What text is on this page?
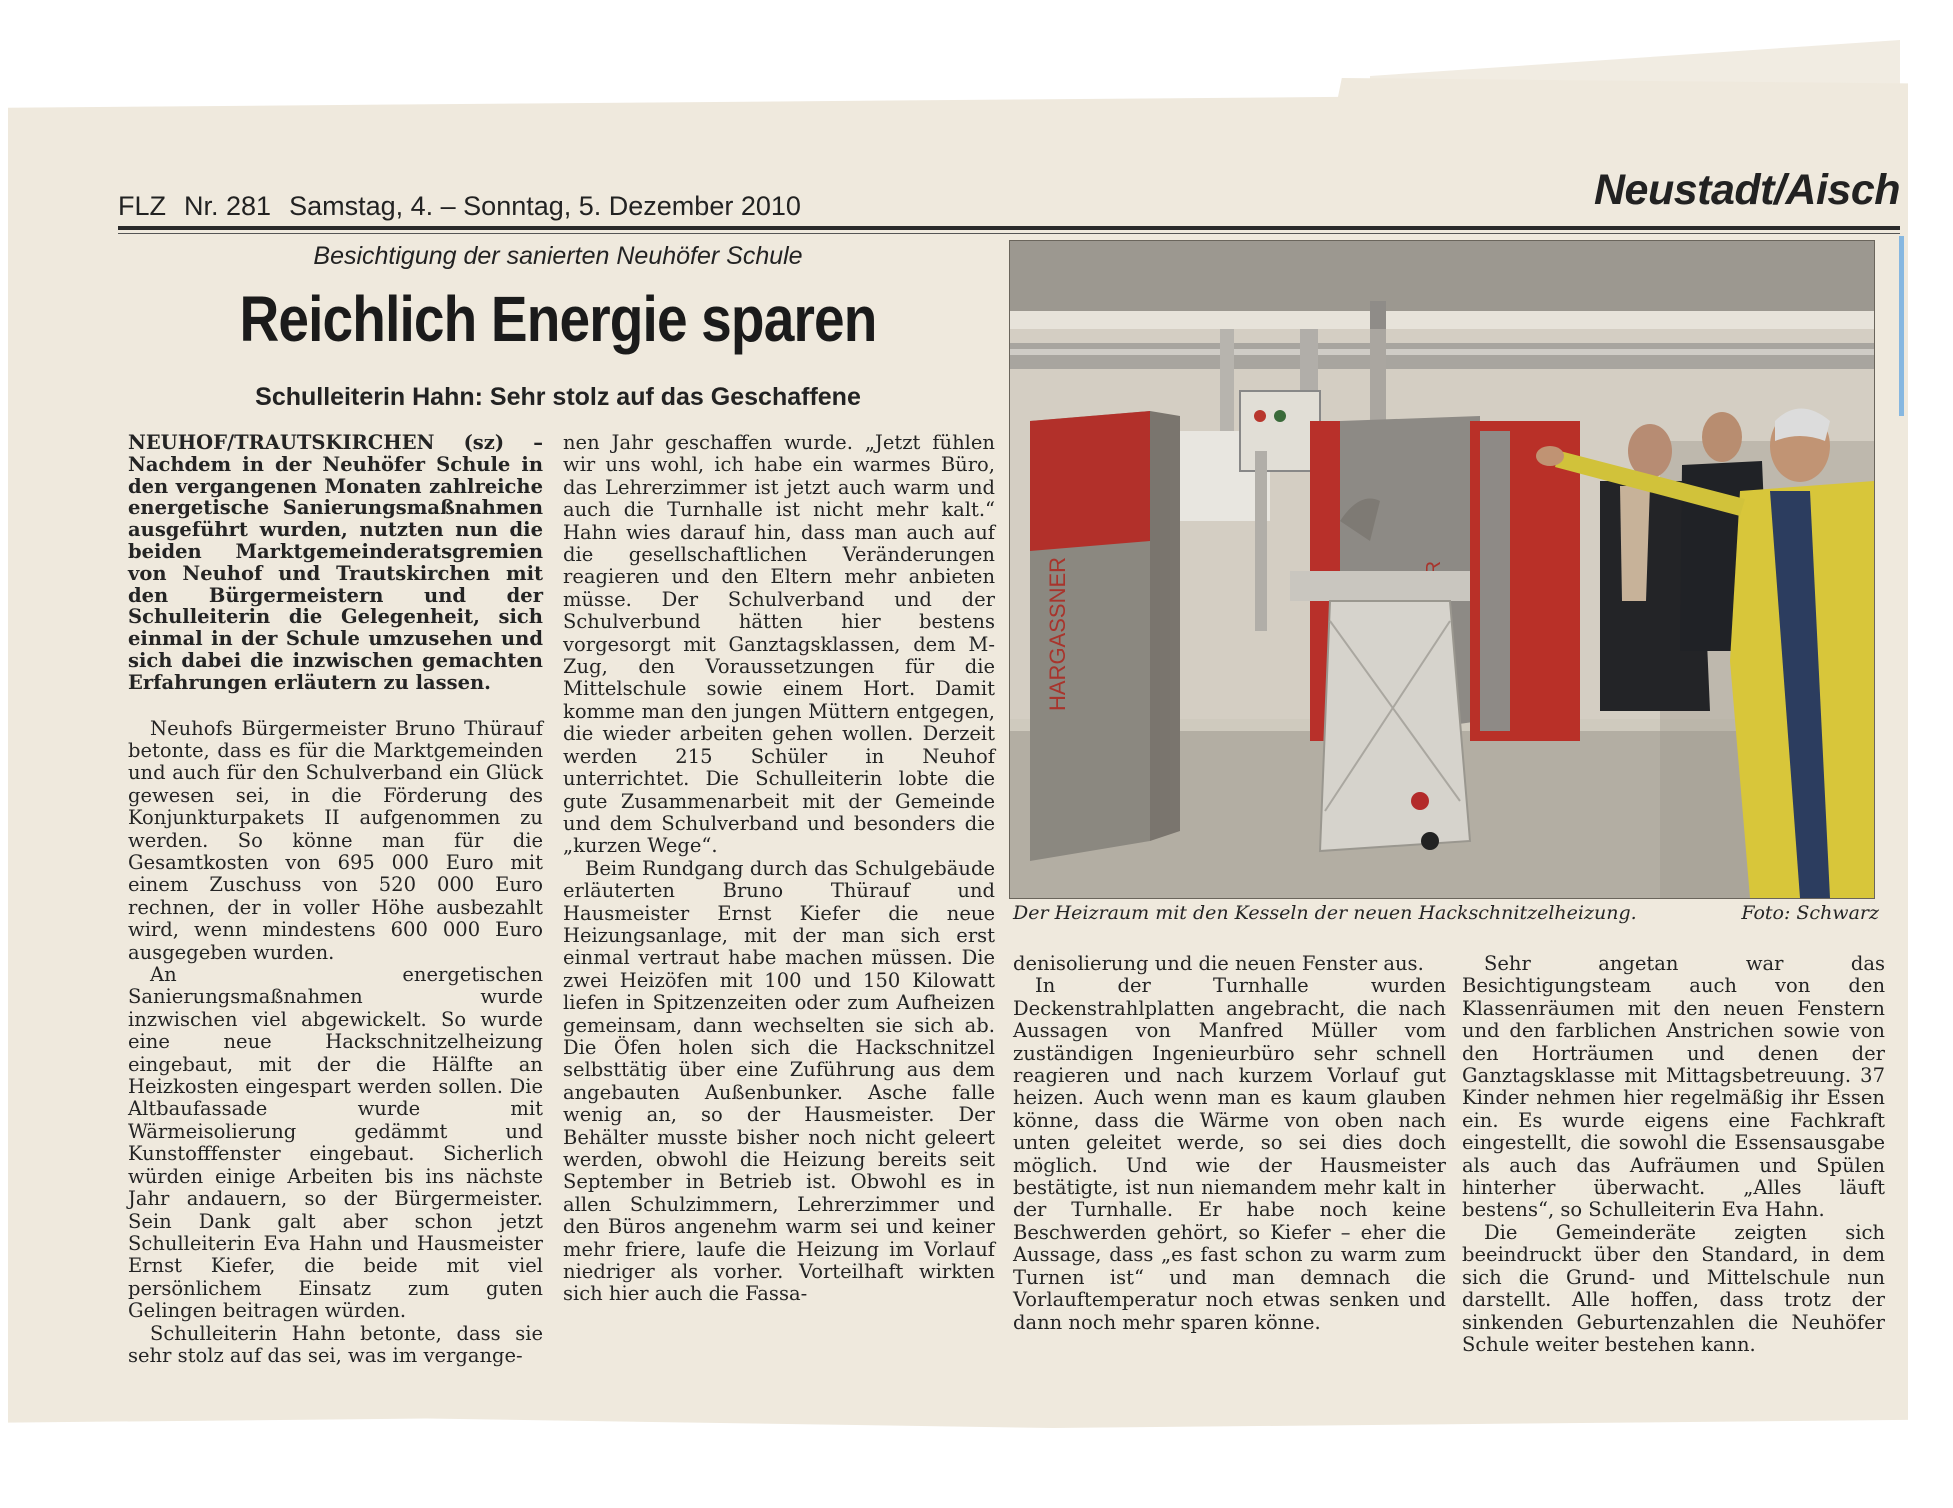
FLZ Nr. 281 Samstag, 4. – Sonntag, 5. Dezember 2010	Neustadt/Aisch
Besichtigung der sanierten Neuhöfer Schule
Reichlich Energie sparen
Schulleiterin Hahn: Sehr stolz auf das Geschaffene

NEUHOF/TRAUTSKIRCHEN (sz) – Nachdem in der Neuhöfer Schule in den vergangenen Monaten zahlreiche energetische Sanierungsmaßnahmen ausgeführt wurden, nutzten nun die beiden Marktgemeinderatsgremien von Neuhof und Trautskirchen mit den Bürgermeistern und der Schulleiterin die Gelegenheit, sich einmal in der Schule umzusehen und sich dabei die inzwischen gemachten Erfahrungen erläutern zu lassen.

Neuhofs Bürgermeister Bruno Thürauf betonte, dass es für die Marktgemeinden und auch für den Schulverband ein Glück gewesen sei, in die Förderung des Konjunkturpakets II aufgenommen zu werden. So könne man für die Gesamtkosten von 695 000 Euro mit einem Zuschuss von 520 000 Euro rechnen, der in voller Höhe ausbezahlt wird, wenn mindestens 600 000 Euro ausgegeben wurden.

An energetischen Sanierungsmaßnahmen wurde inzwischen viel abgewickelt. So wurde eine neue Hackschnitzelheizung eingebaut, mit der die Hälfte an Heizkosten eingespart werden sollen. Die Altbaufassade wurde mit Wärmeisolierung gedämmt und Kunstofffenster eingebaut. Sicherlich würden einige Arbeiten bis ins nächste Jahr andauern, so der Bürgermeister. Sein Dank galt aber schon jetzt Schulleiterin Eva Hahn und Hausmeister Ernst Kiefer, die beide mit viel persönlichem Einsatz zum guten Gelingen beitragen würden.

Schulleiterin Hahn betonte, dass sie sehr stolz auf das sei, was im vergange-

nen Jahr geschaffen wurde. „Jetzt fühlen wir uns wohl, ich habe ein warmes Büro, das Lehrerzimmer ist jetzt auch warm und auch die Turnhalle ist nicht mehr kalt.“ Hahn wies darauf hin, dass man auch auf die gesellschaftlichen Veränderungen reagieren und den Eltern mehr anbieten müsse. Der Schulverband und der Schulverbund hätten hier bestens vorgesorgt mit Ganztagsklassen, dem M-Zug, den Voraussetzungen für die Mittelschule sowie einem Hort. Damit komme man den jungen Müttern entgegen, die wieder arbeiten gehen wollen. Derzeit werden 215 Schüler in Neuhof unterrichtet. Die Schulleiterin lobte die gute Zusammenarbeit mit der Gemeinde und dem Schulverband und besonders die „kurzen Wege“.

Beim Rundgang durch das Schulgebäude erläuterten Bruno Thürauf und Hausmeister Ernst Kiefer die neue Heizungsanlage, mit der man sich erst einmal vertraut habe machen müssen. Die zwei Heizöfen mit 100 und 150 Kilowatt liefen in Spitzenzeiten oder zum Aufheizen gemeinsam, dann wechselten sie sich ab. Die Öfen holen sich die Hackschnitzel selbsttätig über eine Zuführung aus dem angebauten Außenbunker. Asche falle wenig an, so der Hausmeister. Der Behälter musste bisher noch nicht geleert werden, obwohl die Heizung bereits seit September in Betrieb ist. Obwohl es in allen Schulzimmern, Lehrerzimmer und den Büros angenehm warm sei und keiner mehr friere, laufe die Heizung im Vorlauf niedriger als vorher. Vorteilhaft wirkten sich hier auch die Fassa-

HARGASSNER
Der Heizraum mit den Kesseln der neuen Hackschnitzelheizung.	Foto: Schwarz

denisolierung und die neuen Fenster aus.

In der Turnhalle wurden Deckenstrahlplatten angebracht, die nach Aussagen von Manfred Müller vom zuständigen Ingenieurbüro sehr schnell reagieren und nach kurzem Vorlauf gut heizen. Auch wenn man es kaum glauben könne, dass die Wärme von oben nach unten geleitet werde, so sei dies doch möglich. Und wie der Hausmeister bestätigte, ist nun niemandem mehr kalt in der Turnhalle. Er habe noch keine Beschwerden gehört, so Kiefer – eher die Aussage, dass „es fast schon zu warm zum Turnen ist“ und man demnach die Vorlauftemperatur noch etwas senken und dann noch mehr sparen könne.

Sehr angetan war das Besichtigungsteam auch von den Klassenräumen mit den neuen Fenstern und den farblichen Anstrichen sowie von den Horträumen und denen der Ganztagsklasse mit Mittagsbetreuung. 37 Kinder nehmen hier regelmäßig ihr Essen ein. Es wurde eigens eine Fachkraft eingestellt, die sowohl die Essensausgabe als auch das Aufräumen und Spülen hinterher überwacht. „Alles läuft bestens“, so Schulleiterin Eva Hahn.

Die Gemeinderäte zeigten sich beeindruckt über den Standard, in dem sich die Grund- und Mittelschule nun darstellt. Alle hoffen, dass trotz der sinkenden Geburtenzahlen die Neuhöfer Schule weiter bestehen kann.
